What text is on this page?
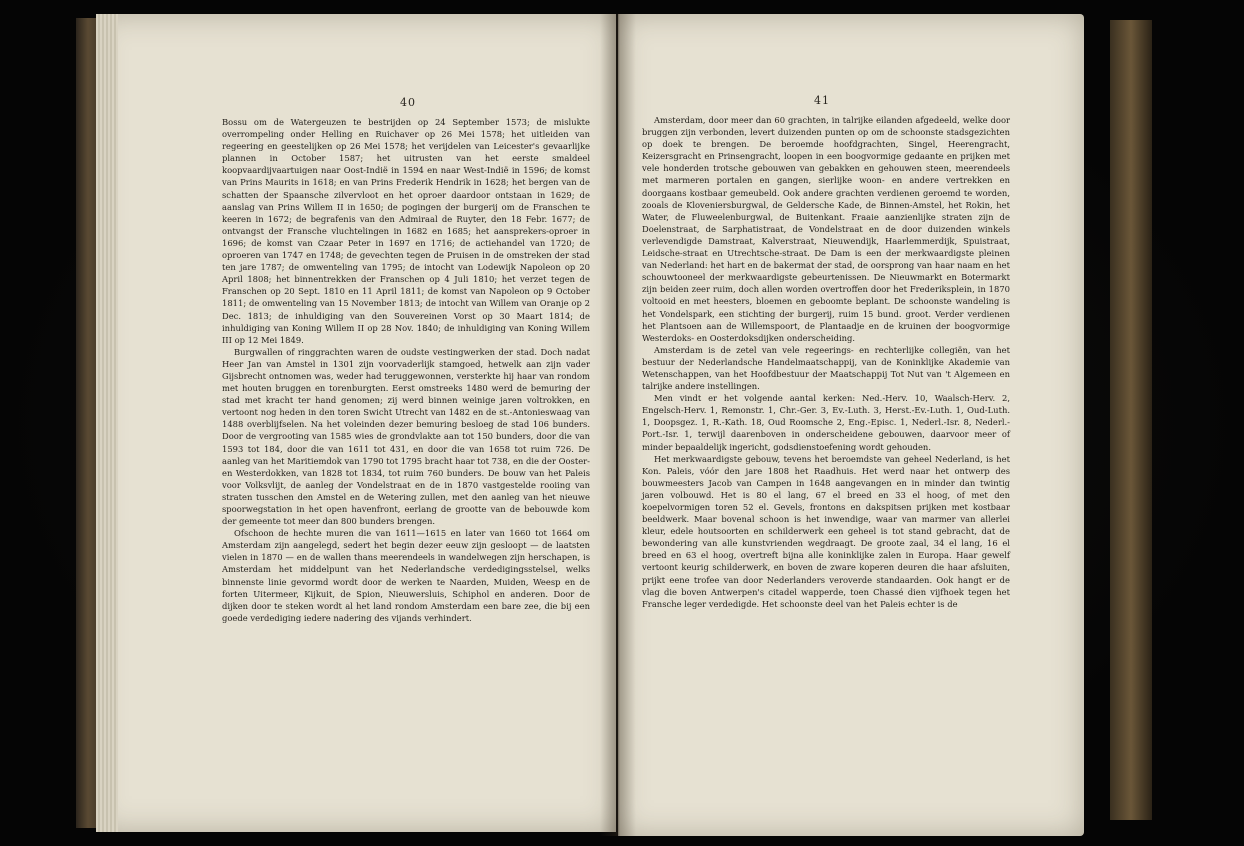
40

Bossu om de Watergeuzen te bestrijden op 24 September 1573; de mislukte overrompeling onder Helling en Ruichaver op 26 Mei 1578; het uitleiden van regeering en geestelijken op 26 Mei 1578; het verijdelen van Leicester's gevaarlijke plannen in October 1587; het uitrusten van het eerste smaldeel koopvaardijvaartuigen naar Oost-Indië in 1594 en naar West-Indië in 1596; de komst van Prins Maurits in 1618; en van Prins Frederik Hendrik in 1628; het bergen van de schatten der Spaansche zilvervloot en het oproer daardoor ontstaan in 1629; de aanslag van Prins Willem II in 1650; de pogingen der burgerij om de Franschen te keeren in 1672; de begrafenis van den Admiraal de Ruyter, den 18 Febr. 1677; de ontvangst der Fransche vluchtelingen in 1682 en 1685; het aansprekers-oproer in 1696; de komst van Czaar Peter in 1697 en 1716; de actiehandel van 1720; de oproeren van 1747 en 1748; de gevechten tegen de Pruisen in de omstreken der stad ten jare 1787; de omwenteling van 1795; de intocht van Lodewijk Napoleon op 20 April 1808; het binnentrekken der Franschen op 4 Juli 1810; het verzet tegen de Franschen op 20 Sept. 1810 en 11 April 1811; de komst van Napoleon op 9 October 1811; de omwenteling van 15 November 1813; de intocht van Willem van Oranje op 2 Dec. 1813; de inhuldiging van den Souvereinen Vorst op 30 Maart 1814; de inhuldiging van Koning Willem II op 28 Nov. 1840; de inhuldiging van Koning Willem III op 12 Mei 1849.

Burgwallen of ringgrachten waren de oudste vestingwerken der stad. Doch nadat Heer Jan van Amstel in 1301 zijn voorvaderlijk stamgoed, hetwelk aan zijn vader Gijsbrecht ontnomen was, weder had teruggewonnen, versterkte hij haar van rondom met houten bruggen en torenburgten. Eerst omstreeks 1480 werd de bemuring der stad met kracht ter hand genomen; zij werd binnen weinige jaren voltrokken, en vertoont nog heden in den toren Swicht Utrecht van 1482 en de st.-Antonieswaag van 1488 overblijfselen. Na het voleinden dezer bemuring besloeg de stad 106 bunders. Door de vergrooting van 1585 wies de grondvlakte aan tot 150 bunders, door die van 1593 tot 184, door die van 1611 tot 431, en door die van 1658 tot ruim 726. De aanleg van het Maritiemdok van 1790 tot 1795 bracht haar tot 738, en die der Ooster- en Westerdokken, van 1828 tot 1834, tot ruim 760 bunders. De bouw van het Paleis voor Volksvlijt, de aanleg der Vondelstraat en de in 1870 vastgestelde rooiing van straten tusschen den Amstel en de Wetering zullen, met den aanleg van het nieuwe spoorwegstation in het open havenfront, eerlang de grootte van de bebouwde kom der gemeente tot meer dan 800 bunders brengen.

Ofschoon de hechte muren die van 1611—1615 en later van 1660 tot 1664 om Amsterdam zijn aangelegd, sedert het begin dezer eeuw zijn gesloopt — de laatsten vielen in 1870 — en de wallen thans meerendeels in wandelwegen zijn herschapen, is Amsterdam het middelpunt van het Nederlandsche verdedigingsstelsel, welks binnenste linie gevormd wordt door de werken te Naarden, Muiden, Weesp en de forten Uitermeer, Kijkuit, de Spion, Nieuwersluis, Schiphol en anderen. Door de dijken door te steken wordt al het land rondom Amsterdam een bare zee, die bij een goede verdediging iedere nadering des vijands verhindert.

41

Amsterdam, door meer dan 60 grachten, in talrijke eilanden afgedeeld, welke door bruggen zijn verbonden, levert duizenden punten op om de schoonste stadsgezichten op doek te brengen. De beroemde hoofdgrachten, Singel, Heerengracht, Keizersgracht en Prinsengracht, loopen in een boogvormige gedaante en prijken met vele honderden trotsche gebouwen van gebakken en gehouwen steen, meerendeels met marmeren portalen en gangen, sierlijke woon- en andere vertrekken en doorgaans kostbaar gemeubeld. Ook andere grachten verdienen geroemd te worden, zooals de Kloveniersburgwal, de Geldersche Kade, de Binnen-Amstel, het Rokin, het Water, de Fluweelenburgwal, de Buitenkant. Fraaie aanzienlijke straten zijn de Doelenstraat, de Sarphatistraat, de Vondelstraat en de door duizenden winkels verlevendigde Damstraat, Kalverstraat, Nieuwendijk, Haarlemmerdijk, Spuistraat, Leidsche-straat en Utrechtsche-straat. De Dam is een der merkwaardigste pleinen van Nederland: het hart en de bakermat der stad, de oorsprong van haar naam en het schouwtooneel der merkwaardigste gebeurtenissen. De Nieuwmarkt en Botermarkt zijn beiden zeer ruim, doch allen worden overtroffen door het Frederiksplein, in 1870 voltooid en met heesters, bloemen en geboomte beplant. De schoonste wandeling is het Vondelspark, een stichting der burgerij, ruim 15 bund. groot. Verder verdienen het Plantsoen aan de Willemspoort, de Plantaadje en de kruinen der boogvormige Westerdoks- en Oosterdoksdijken onderscheiding.

Amsterdam is de zetel van vele regeerings- en rechterlijke collegiën, van het bestuur der Nederlandsche Handelmaatschappij, van de Koninklijke Akademie van Wetenschappen, van het Hoofdbestuur der Maatschappij Tot Nut van 't Algemeen en talrijke andere instellingen.

Men vindt er het volgende aantal kerken: Ned.-Herv. 10, Waalsch-Herv. 2, Engelsch-Herv. 1, Remonstr. 1, Chr.-Ger. 3, Ev.-Luth. 3, Herst.-Ev.-Luth. 1, Oud-Luth. 1, Doopsgez. 1, R.-Kath. 18, Oud Roomsche 2, Eng.-Episc. 1, Nederl.-Isr. 8, Nederl.-Port.-Isr. 1, terwijl daarenboven in onderscheidene gebouwen, daarvoor meer of minder bepaaldelijk ingericht, godsdienstoefening wordt gehouden.

Het merkwaardigste gebouw, tevens het beroemdste van geheel Nederland, is het Kon. Paleis, vóór den jare 1808 het Raadhuis. Het werd naar het ontwerp des bouwmeesters Jacob van Campen in 1648 aangevangen en in minder dan twintig jaren volbouwd. Het is 80 el lang, 67 el breed en 33 el hoog, of met den koepelvormigen toren 52 el. Gevels, frontons en dakspitsen prijken met kostbaar beeldwerk. Maar bovenal schoon is het inwendige, waar van marmer van allerlei kleur, edele houtsoorten en schilderwerk een geheel is tot stand gebracht, dat de bewondering van alle kunstvrienden wegdraagt. De groote zaal, 34 el lang, 16 el breed en 63 el hoog, overtreft bijna alle koninklijke zalen in Europa. Haar gewelf vertoont keurig schilderwerk, en boven de zware koperen deuren die haar afsluiten, prijkt eene trofee van door Nederlanders veroverde standaarden. Ook hangt er de vlag die boven Antwerpen's citadel wapperde, toen Chassé dien vijfhoek tegen het Fransche leger verdedigde. Het schoonste deel van het Paleis echter is de
